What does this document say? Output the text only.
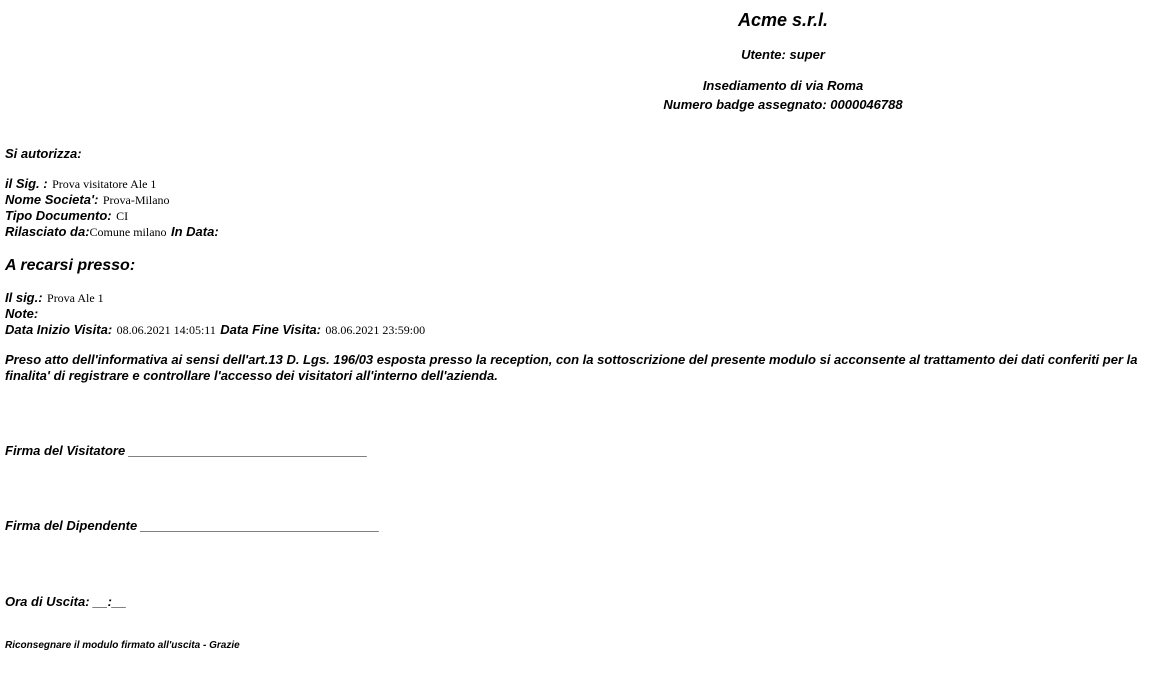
Acme s.r.l.
Utente: super
Insediamento di via Roma
Numero badge assegnato: 0000046788
Si autorizza:
il Sig. : Prova visitatore Ale 1
Nome Societa': Prova-Milano
Tipo Documento: CI
Rilasciato da:Comune milano In Data:
A recarsi presso:
Il sig.: Prova Ale 1
Note:
Data Inizio Visita: 08.06.2021 14:05:11 Data Fine Visita: 08.06.2021 23:59:00
Preso atto dell'informativa ai sensi dell'art.13 D. Lgs. 196/03 esposta presso la reception, con la sottoscrizione del presente modulo si acconsente al trattamento dei dati conferiti per la finalita' di registrare e controllare l'accesso dei visitatori all'interno dell'azienda.
Firma del Visitatore _________________________________
Firma del Dipendente _________________________________
Ora di Uscita: __:__
Riconsegnare il modulo firmato all'uscita - Grazie
